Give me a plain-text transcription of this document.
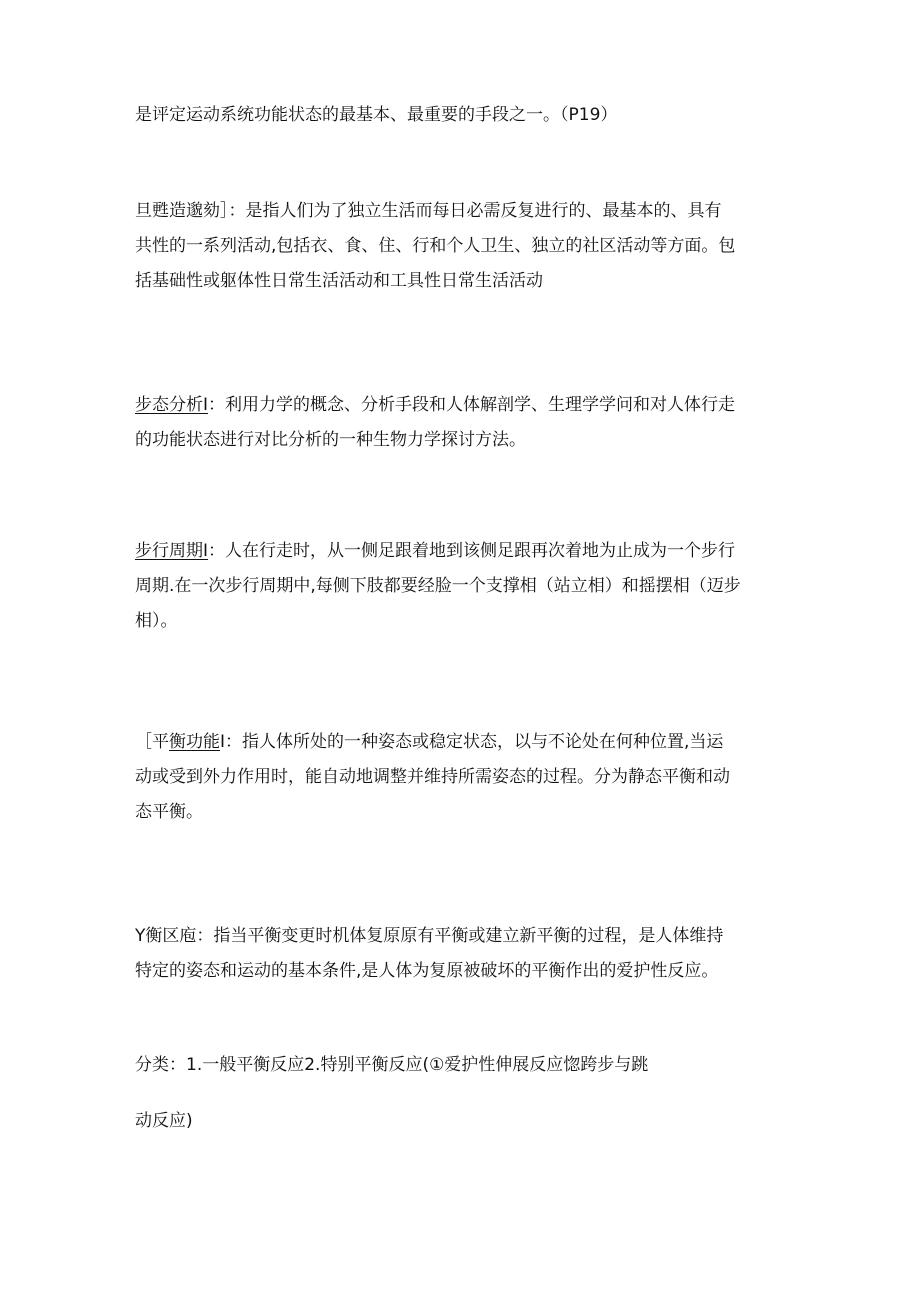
是评定运动系统功能状态的最基本、最重要的手段之一。（P19）

旦甦造邈劾］：是指人们为了独立生活而每日必需反复进行的、最基本的、具有
共性的一系列活动,包括衣、食、住、行和个人卫生、独立的社区活动等方面。包
括基础性或躯体性日常生活活动和工具性日常生活活动

步态分析I：利用力学的概念、分析手段和人体解剖学、生理学学问和对人体行走
的功能状态进行对比分析的一种生物力学探讨方法。

步行周期I：人在行走时，从一侧足跟着地到该侧足跟再次着地为止成为一个步行
周期.在一次步行周期中,每侧下肢都要经脸一个支撑相（站立相）和摇摆相（迈步
相）。

［平衡功能I：指人体所处的一种姿态或稳定状态，以与不论处在何种位置,当运
动或受到外力作用时，能自动地调整并维持所需姿态的过程。分为静态平衡和动
态平衡。

Y衡区庖：指当平衡变更时机体复原原有平衡或建立新平衡的过程，是人体维持
特定的姿态和运动的基本条件,是人体为复原被破坏的平衡作出的爱护性反应。

分类：1.一般平衡反应2.特别平衡反应(①爱护性伸展反应惚跨步与跳

动反应)
